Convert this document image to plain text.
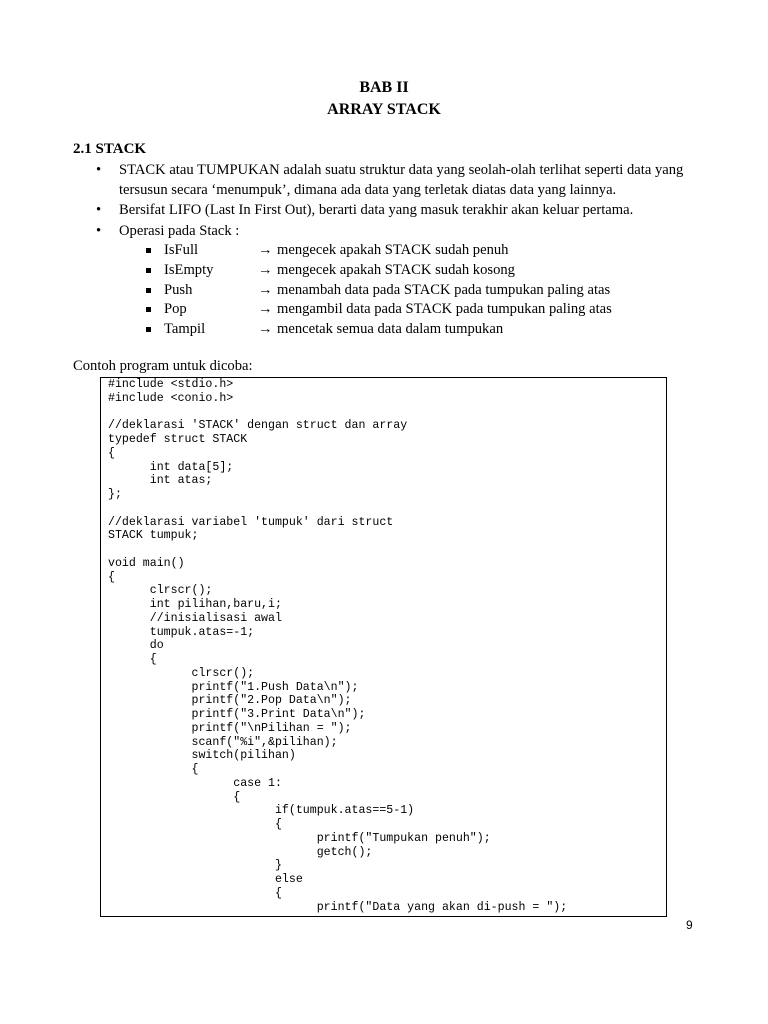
BAB II
ARRAY STACK
2.1 STACK
• STACK atau TUMPUKAN adalah suatu struktur data yang seolah-olah terlihat seperti data yang tersusun secara ‘menumpuk’, dimana ada data yang terletak diatas data yang lainnya.
• Bersifat LIFO (Last In First Out), berarti data yang masuk terakhir akan keluar pertama.
• Operasi pada Stack :
IsFull	→ mengecek apakah STACK sudah penuh
IsEmpty	→ mengecek apakah STACK sudah kosong
Push	→ menambah data pada STACK pada tumpukan paling atas
Pop	→ mengambil data pada STACK pada tumpukan paling atas
Tampil	→ mencetak semua data dalam tumpukan
Contoh program untuk dicoba:
#include <stdio.h>
#include <conio.h>

//deklarasi 'STACK' dengan struct dan array
typedef struct STACK
{
int data[5];
int atas;
};

//deklarasi variabel 'tumpuk' dari struct
STACK tumpuk;

void main()
{
clrscr();
int pilihan,baru,i;
//inisialisasi awal
tumpuk.atas=-1;
do
{
clrscr();
printf("1.Push Data\n");
printf("2.Pop Data\n");
printf("3.Print Data\n");
printf("\nPilihan = ");
scanf("%i",&pilihan);
switch(pilihan)
{
case 1:
{
if(tumpuk.atas==5-1)
{
printf("Tumpukan penuh");
getch();
}
else
{
printf("Data yang akan di-push = ");
9
